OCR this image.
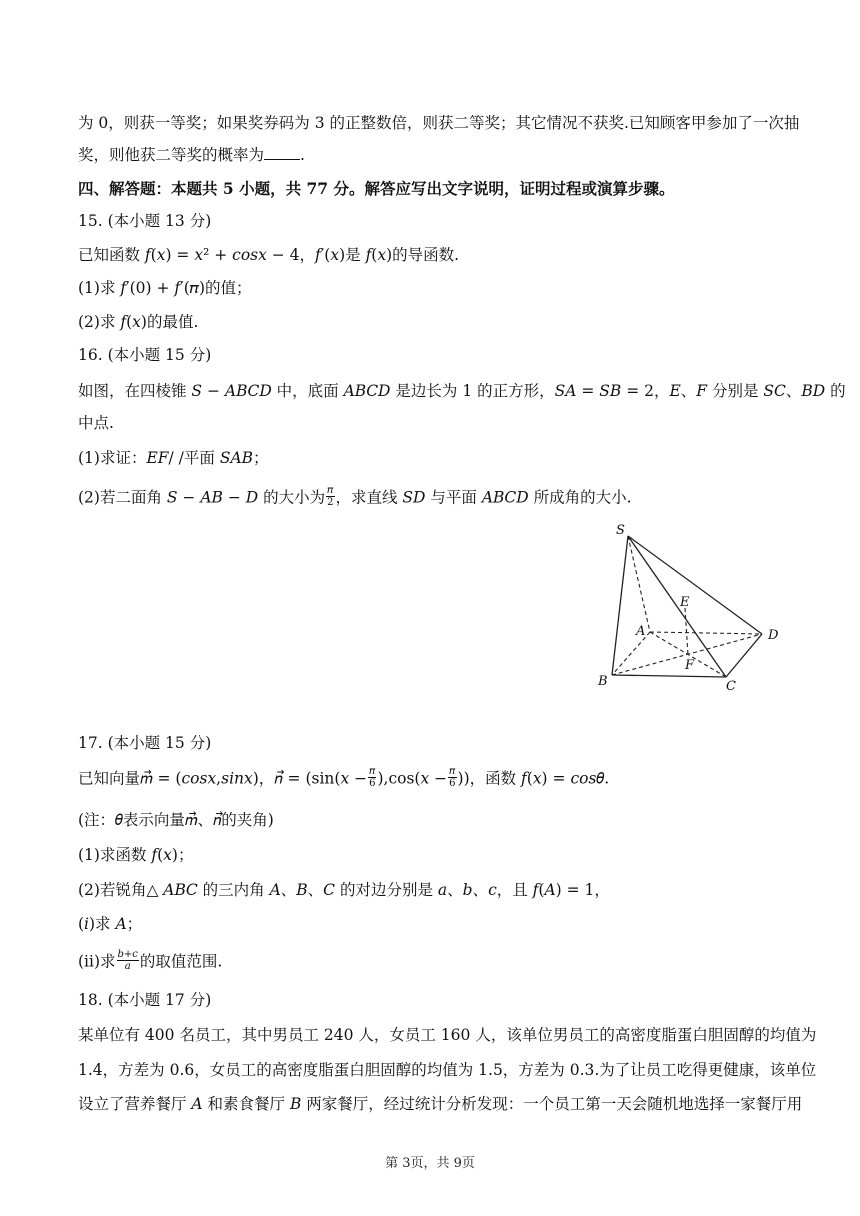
为 0，则获一等奖；如果奖券码为 3 的正整数倍，则获二等奖；其它情况不获奖.已知顾客甲参加了一次抽
奖，则他获二等奖的概率为 .
四、解答题：本题共 5 小题，共 77 分。解答应写出文字说明，证明过程或演算步骤。
15. (本小题 13 分)
已知函数 𝑓(𝑥) = 𝑥² + 𝑐𝑜𝑠𝑥 − 4，𝑓′(𝑥)是 𝑓(𝑥)的导函数.
(1)求 𝑓′(0) + 𝑓′(𝜋)的值；
(2)求 𝑓(𝑥)的最值.
16. (本小题 15 分)
如图，在四棱锥 𝑆 − 𝐴𝐵𝐶𝐷 中，底面 𝐴𝐵𝐶𝐷 是边长为 1 的正方形，𝑆𝐴 = 𝑆𝐵 = 2，𝐸、𝐹 分别是 𝑆𝐶、𝐵𝐷 的
中点.
(1)求证：𝐸𝐹/ /平面 𝑆𝐴𝐵；
(2)若二面角 𝑆 − 𝐴𝐵 − 𝐷 的大小为 $\frac{\text{𝜋}}{2}$ ，求直线 𝑆𝐷 与平面 𝐴𝐵𝐶𝐷 所成角的大小.
S
A
B	C
D
E
F
17. (本小题 15 分)
已知向量𝑚⃗ = (𝑐𝑜𝑠𝑥,𝑠𝑖𝑛𝑥)，𝑛⃗ = (sin(𝑥 − $\frac{\text{𝜋}}{6}$ ),cos(𝑥 − $\frac{\text{𝜋}}{6}$ ))，函数 𝑓(𝑥) = 𝑐𝑜𝑠𝜃.
(注：𝜃表示向量𝑚⃗、𝑛⃗的夹角)
(1)求函数 𝑓(𝑥)；
(2)若锐角△ 𝐴𝐵𝐶 的三内角 𝐴、𝐵、𝐶 的对边分别是 𝑎、𝑏、𝑐，且 𝑓(𝐴) = 1，
(𝑖)求 𝐴；
(ⅱ)求 $\frac{\text{𝑏+𝑐}}{\text{𝑎}}$ 的取值范围.
18. (本小题 17 分)
某单位有 400 名员工，其中男员工 240 人，女员工 160 人，该单位男员工的高密度脂蛋白胆固醇的均值为
1.4，方差为 0.6，女员工的高密度脂蛋白胆固醇的均值为 1.5，方差为 0.3.为了让员工吃得更健康，该单位
设立了营养餐厅 𝐴 和素食餐厅 𝐵 两家餐厅，经过统计分析发现：一个员工第一天会随机地选择一家餐厅用
第 3页，共 9页
